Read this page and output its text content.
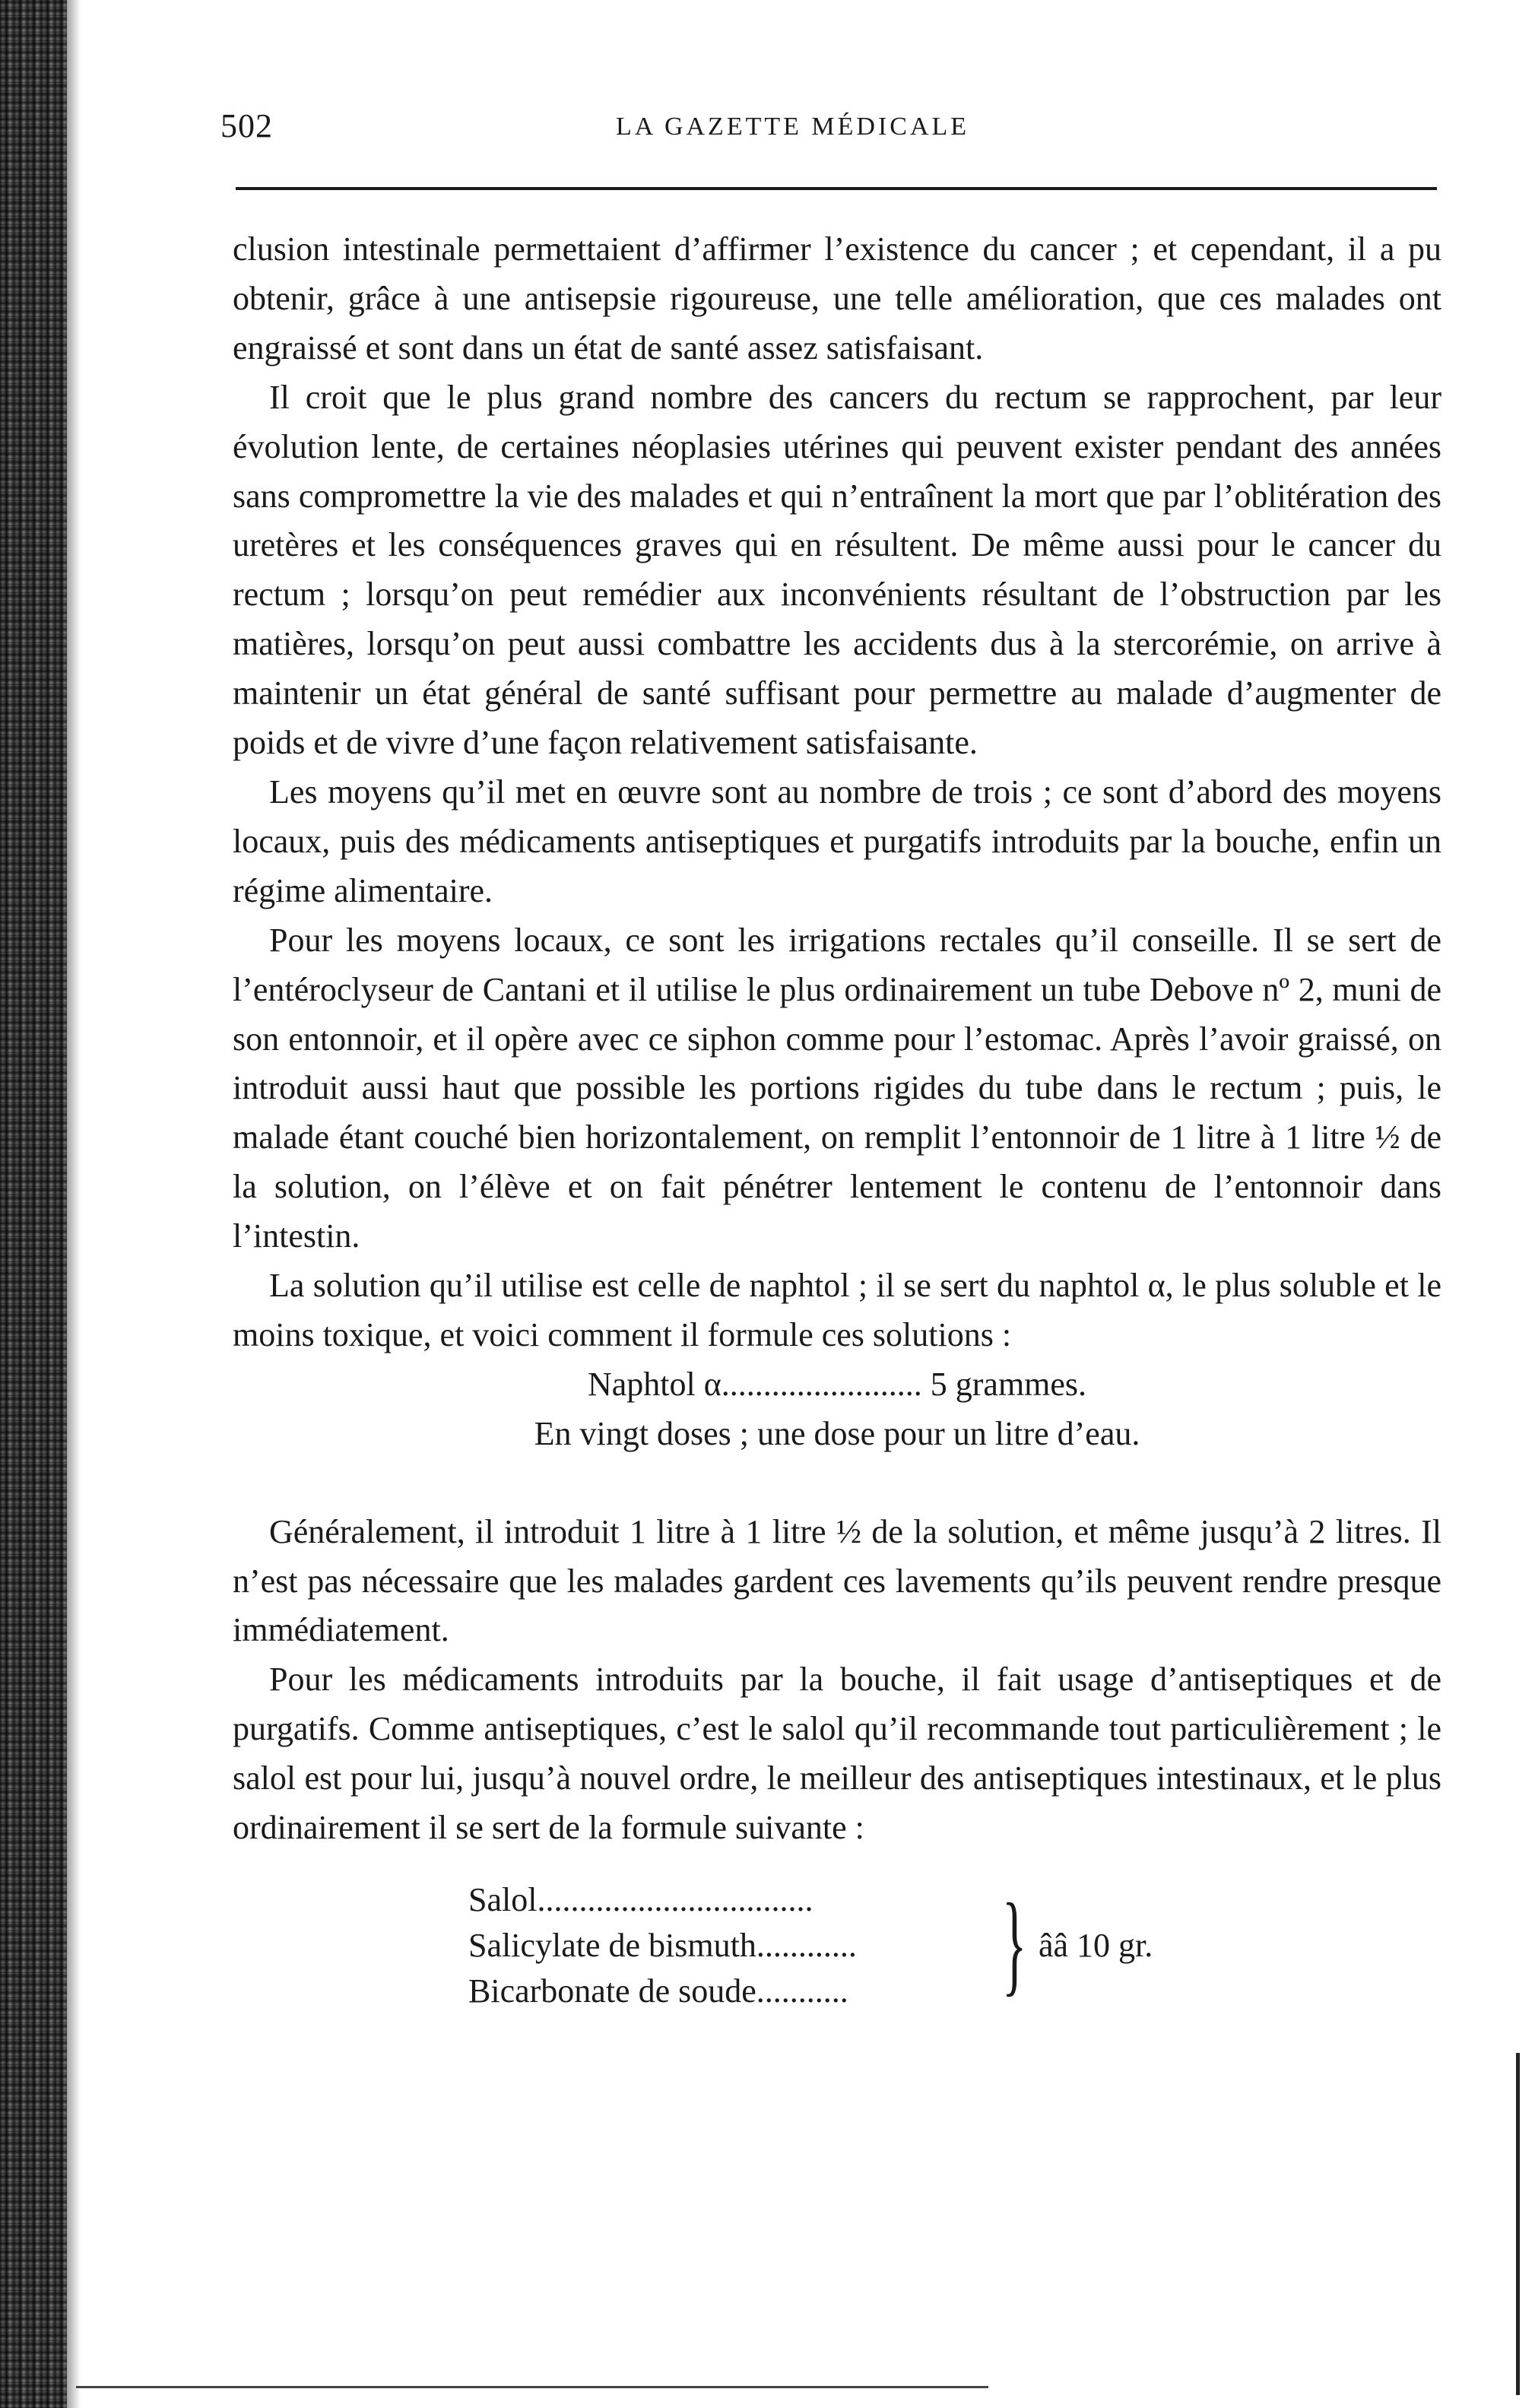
502	LA GAZETTE MÉDICALE

clusion intestinale permettaient d’affirmer l’existence du cancer ; et cependant, il a pu obtenir, grâce à une antisepsie rigoureuse, une telle amélioration, que ces malades ont engraissé et sont dans un état de santé assez satisfaisant.

Il croit que le plus grand nombre des cancers du rectum se rapprochent, par leur évolution lente, de certaines néoplasies utérines qui peuvent exister pendant des années sans compromettre la vie des malades et qui n’entraînent la mort que par l’oblitération des uretères et les conséquences graves qui en résultent. De même aussi pour le cancer du rectum ; lorsqu’on peut remédier aux inconvénients résultant de l’obstruction par les matières, lorsqu’on peut aussi combattre les accidents dus à la stercorémie, on arrive à maintenir un état général de santé suffisant pour permettre au malade d’augmenter de poids et de vivre d’une façon relativement satisfaisante.

Les moyens qu’il met en œuvre sont au nombre de trois ; ce sont d’abord des moyens locaux, puis des médicaments antiseptiques et purgatifs introduits par la bouche, enfin un régime alimentaire.

Pour les moyens locaux, ce sont les irrigations rectales qu’il conseille. Il se sert de l’entéroclyseur de Cantani et il utilise le plus ordinairement un tube Debove nº 2, muni de son entonnoir, et il opère avec ce siphon comme pour l’estomac. Après l’avoir graissé, on introduit aussi haut que possible les portions rigides du tube dans le rectum ; puis, le malade étant couché bien horizontalement, on remplit l’entonnoir de 1 litre à 1 litre ½ de la solution, on l’élève et on fait pénétrer lentement le contenu de l’entonnoir dans l’intestin.

La solution qu’il utilise est celle de naphtol ; il se sert du naphtol α, le plus soluble et le moins toxique, et voici comment il formule ces solutions :

Naphtol α........................ 5 grammes.

En vingt doses ; une dose pour un litre d’eau.

Généralement, il introduit 1 litre à 1 litre ½ de la solution, et même jusqu’à 2 litres. Il n’est pas nécessaire que les malades gardent ces lavements qu’ils peuvent rendre presque immédiatement.

Pour les médicaments introduits par la bouche, il fait usage d’antiseptiques et de purgatifs. Comme antiseptiques, c’est le salol qu’il recommande tout particulièrement ; le salol est pour lui, jusqu’à nouvel ordre, le meilleur des antiseptiques intestinaux, et le plus ordinairement il se sert de la formule suivante :

Salol.................................
Salicylate de bismuth............
Bicarbonate de soude........... } ââ 10 gr.
